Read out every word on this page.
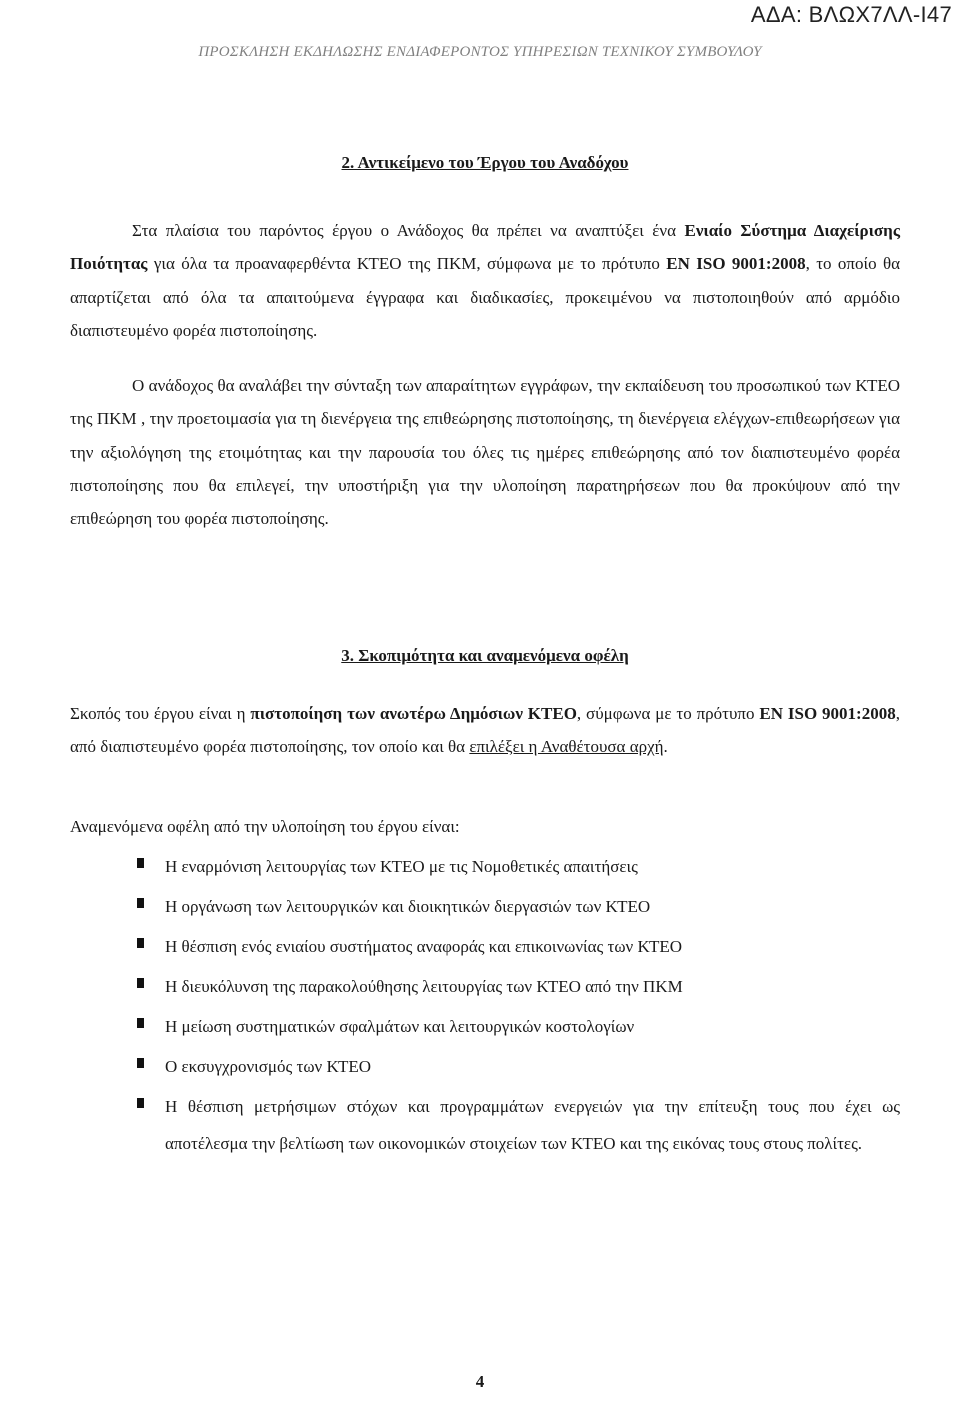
ΑΔΑ: ΒΛΩΧ7ΛΛ-Ι47
ΠΡΟΣΚΛΗΣΗ ΕΚΔΗΛΩΣΗΣ ΕΝΔΙΑΦΕΡΟΝΤΟΣ ΥΠΗΡΕΣΙΩΝ ΤΕΧΝΙΚΟΥ ΣΥΜΒΟΥΛΟΥ
2. Αντικείμενο του Έργου του Αναδόχου

Στα πλαίσια του παρόντος έργου ο Ανάδοχος θα πρέπει να αναπτύξει ένα Ενιαίο Σύστημα Διαχείρισης Ποιότητας για όλα τα προαναφερθέντα ΚΤΕΟ της ΠΚΜ, σύμφωνα με το πρότυπο EN ISO 9001:2008, το οποίο θα απαρτίζεται από όλα τα απαιτούμενα έγγραφα και διαδικασίες, προκειμένου να πιστοποιηθούν από αρμόδιο διαπιστευμένο φορέα πιστοποίησης.

Ο ανάδοχος θα αναλάβει την σύνταξη των απαραίτητων εγγράφων, την εκπαίδευση του προσωπικού των ΚΤΕΟ της ΠΚΜ , την προετοιμασία για τη διενέργεια της επιθεώρησης πιστοποίησης, τη διενέργεια ελέγχων-επιθεωρήσεων για την αξιολόγηση της ετοιμότητας και την παρουσία του όλες τις ημέρες επιθεώρησης από τον διαπιστευμένο φορέα πιστοποίησης που θα επιλεγεί, την υποστήριξη για την υλοποίηση παρατηρήσεων που θα προκύψουν από την επιθεώρηση του φορέα πιστοποίησης.

3. Σκοπιμότητα και αναμενόμενα οφέλη

Σκοπός του έργου είναι η πιστοποίηση των ανωτέρω Δημόσιων ΚΤΕΟ, σύμφωνα με το πρότυπο EN ISO 9001:2008, από διαπιστευμένο φορέα πιστοποίησης, τον οποίο και θα επιλέξει η Αναθέτουσα αρχή.

Αναμενόμενα οφέλη από την υλοποίηση του έργου είναι:
Η εναρμόνιση λειτουργίας των ΚΤΕΟ με τις Νομοθετικές απαιτήσεις
Η οργάνωση των λειτουργικών και διοικητικών διεργασιών των ΚΤΕΟ
Η θέσπιση ενός ενιαίου συστήματος αναφοράς και επικοινωνίας των ΚΤΕΟ
Η διευκόλυνση της παρακολούθησης λειτουργίας των ΚΤΕΟ από την ΠΚΜ
Η μείωση συστηματικών σφαλμάτων και λειτουργικών κοστολογίων
Ο εκσυγχρονισμός των ΚΤΕΟ
Η θέσπιση μετρήσιμων στόχων και προγραμμάτων ενεργειών για την επίτευξη τους που έχει ως αποτέλεσμα την βελτίωση των οικονομικών στοιχείων των ΚΤΕΟ και της εικόνας τους στους πολίτες.
4
